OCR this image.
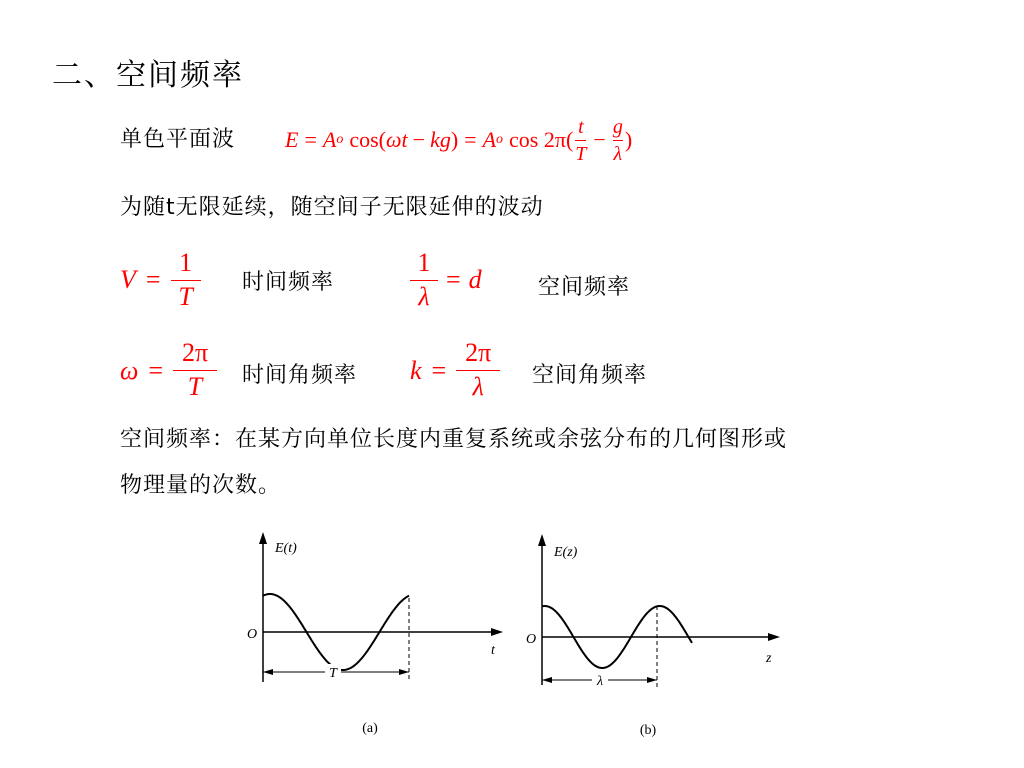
二、空间频率
单色平面波 E = A o cos( ωt − kg ) = A o $\cos 2\pi( \frac{t}{T} - \frac{g}{\lambda}$ )
为随t无限延续，随空间子无限延伸的波动
$V = \frac{1}{T}$ 时间频率	$\frac{1}{\lambda} = d$	空间频率
$\omega = \frac{2\pi}{T}$ 时间角频率 $k = \frac{2\pi}{\lambda}$ 空间角频率
空间频率：在某方向单位长度内重复系统或余弦分布的几何图形或
物理量的次数。
T
E(t)
O
t
(a)
λ
E(z)
O
z
(b)
